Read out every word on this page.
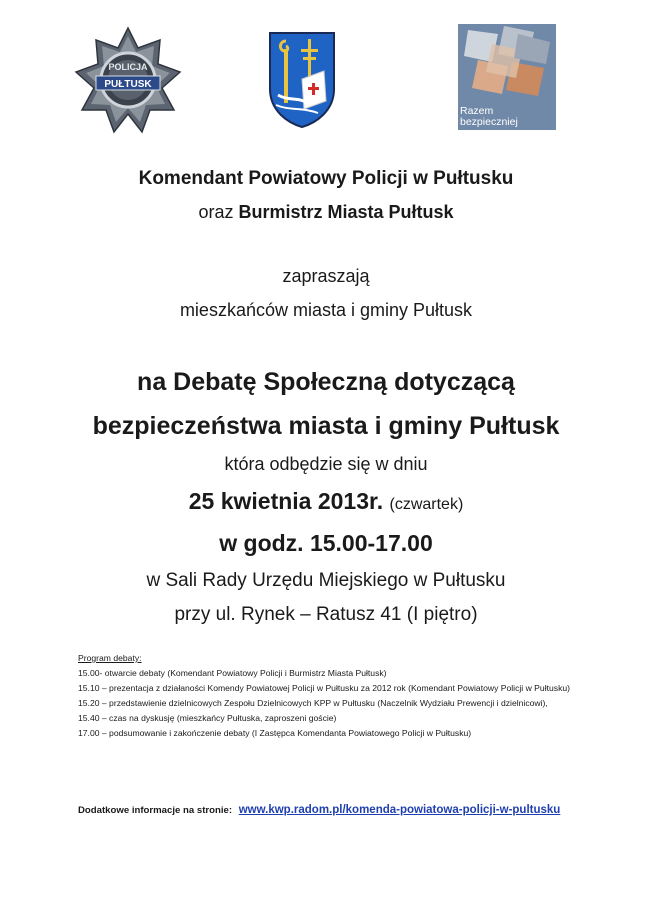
POLICJA
PUŁTUSK
Razem
bezpieczniej
Komendant Powiatowy Policji w Pułtusku
oraz Burmistrz Miasta Pułtusk
zapraszają
mieszkańców miasta i gminy Pułtusk
na Debatę Społeczną dotyczącą
bezpieczeństwa miasta i gminy Pułtusk
która odbędzie się w dniu
25 kwietnia 2013r. (czwartek)
w godz. 15.00-17.00
w Sali Rady Urzędu Miejskiego w Pułtusku
przy ul. Rynek – Ratusz 41 (I piętro)
Program debaty:
15.00- otwarcie debaty (Komendant Powiatowy Policji i Burmistrz Miasta Pułtusk)
15.10 – prezentacja z działaności Komendy Powiatowej Policji w Pułtusku za 2012 rok (Komendant Powiatowy Policji w Pułtusku)
15.20 – przedstawienie dzielnicowych Zespołu Dzielnicowych KPP w Pułtusku (Naczelnik Wydziału Prewencji i dzielnicowi),
15.40 – czas na dyskusję (mieszkańcy Pułtuska, zaproszeni goście)
17.00 – podsumowanie i zakończenie debaty (I Zastępca Komendanta Powiatowego Policji w Pułtusku)
Dodatkowe informacje na stronie: www.kwp.radom.pl/komenda-powiatowa-policji-w-pultusku
